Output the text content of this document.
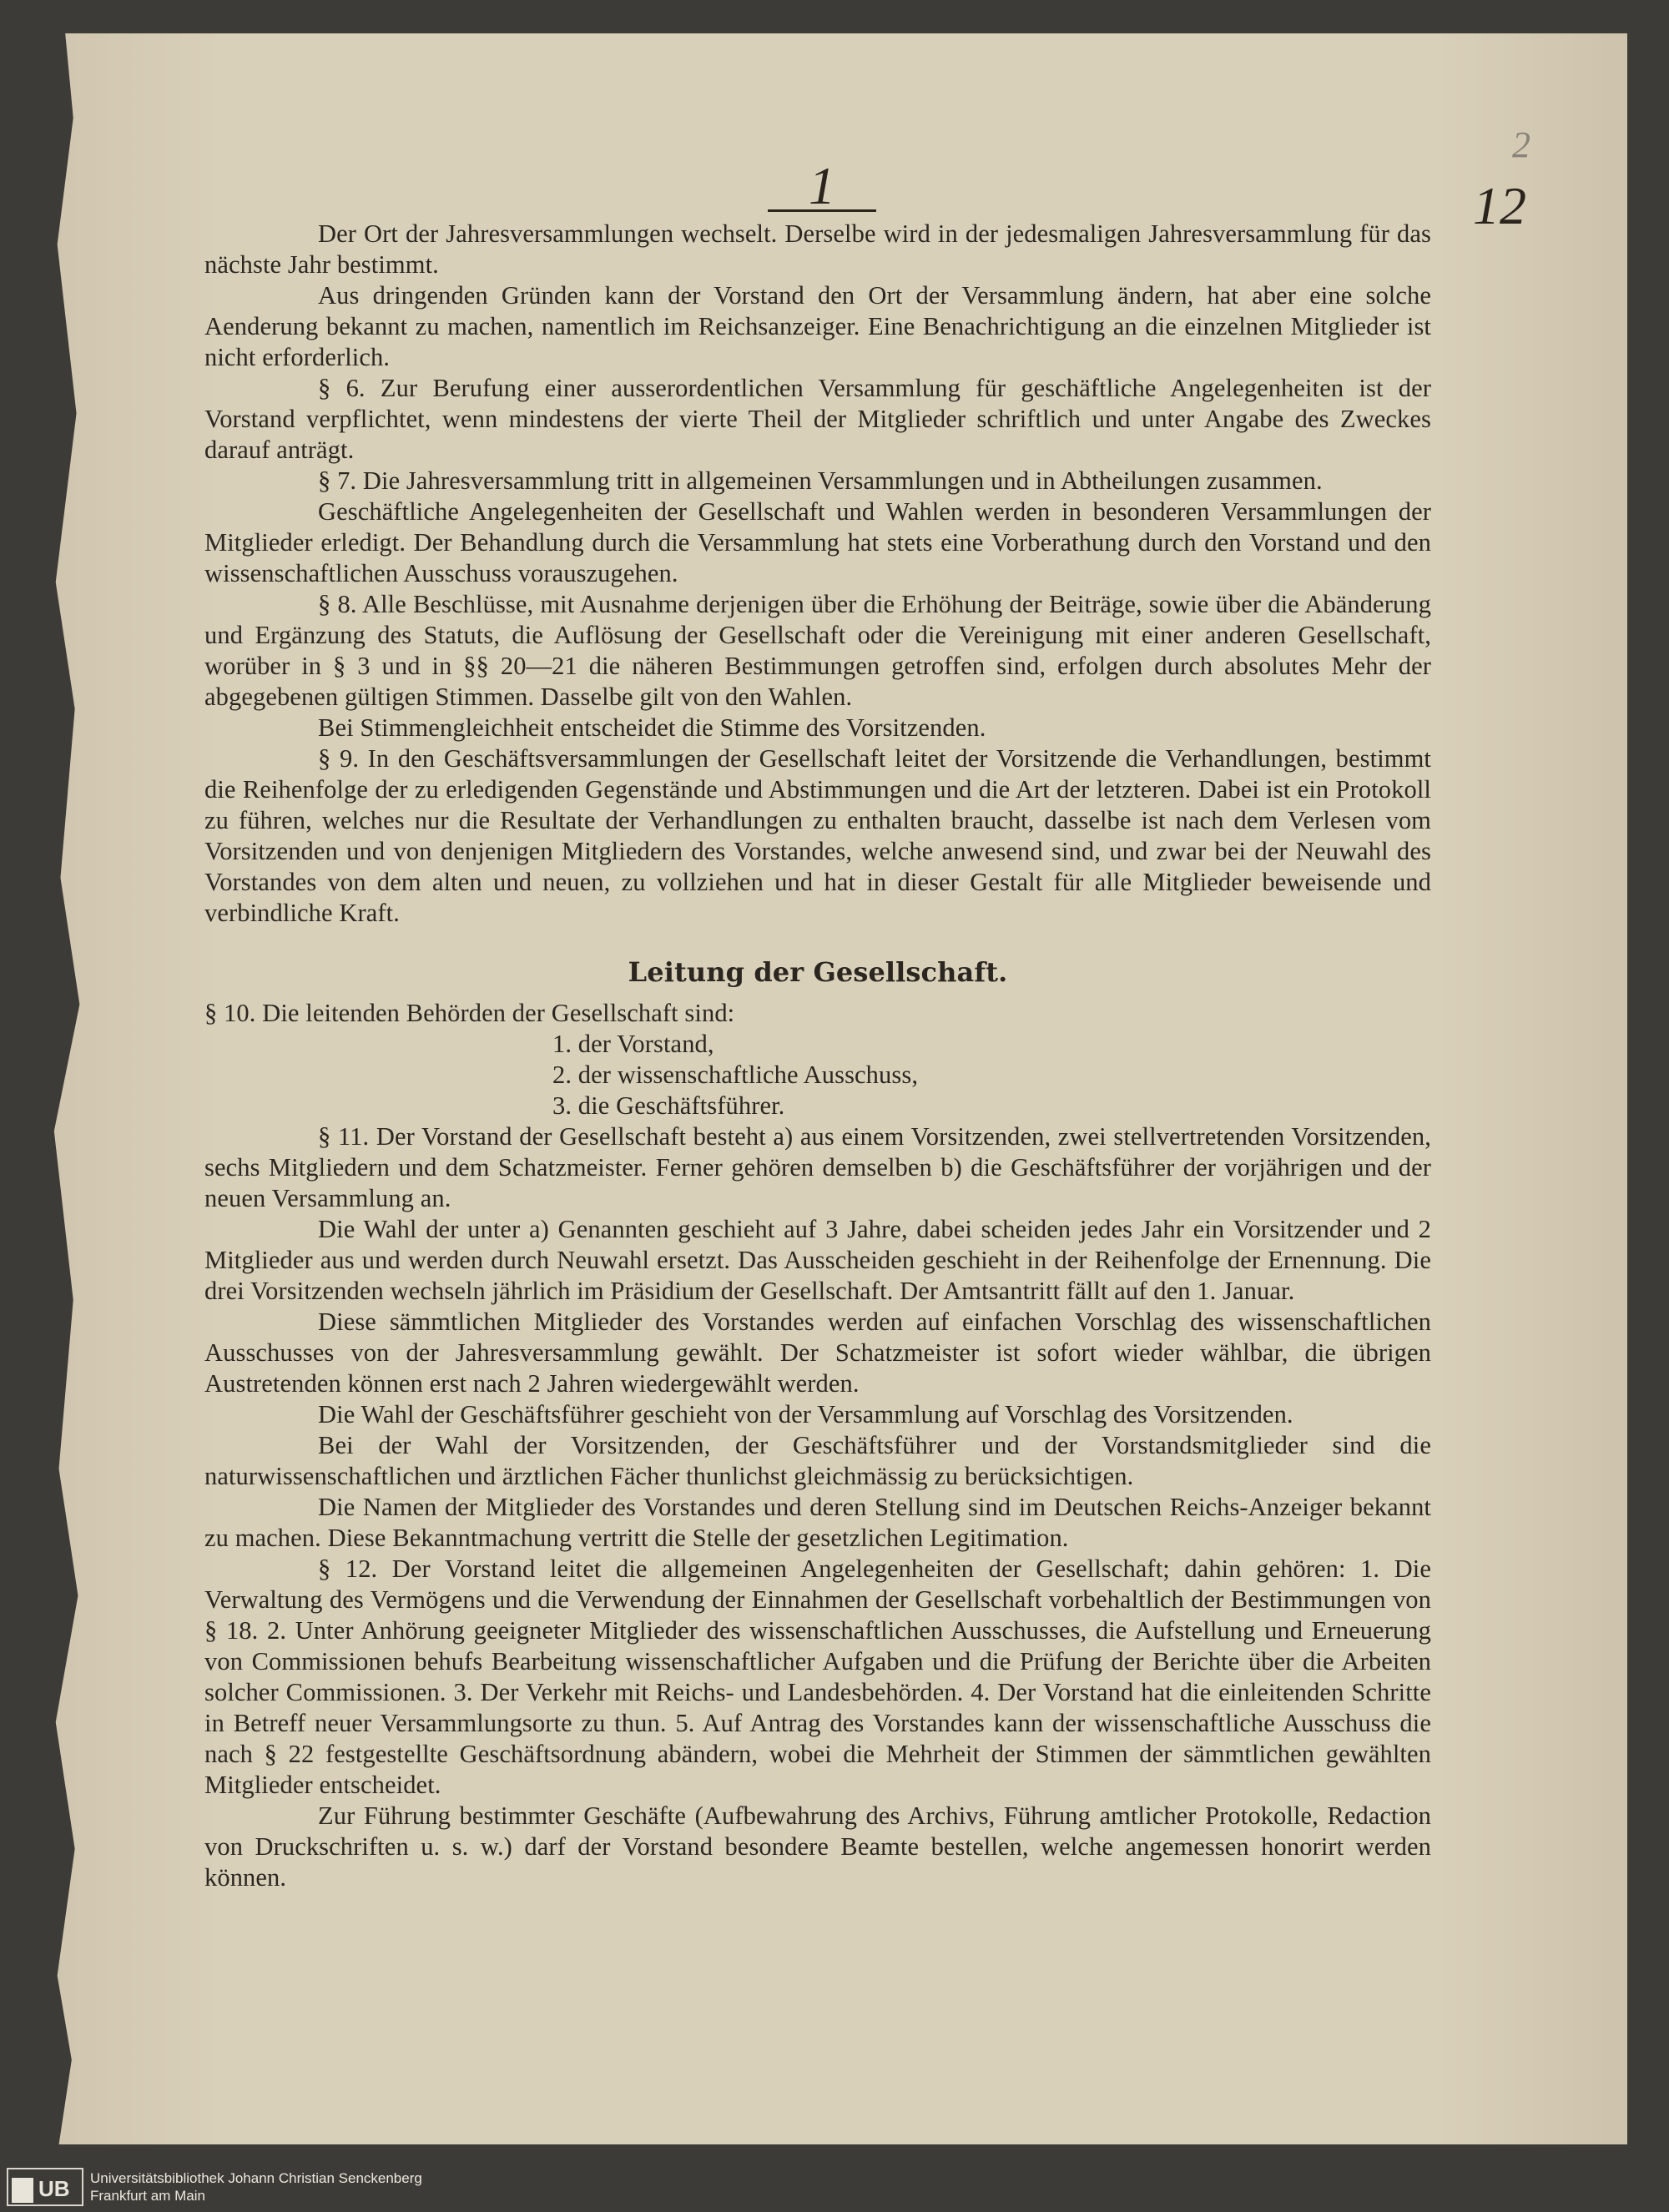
1
2
12

Der Ort der Jahresversammlungen wechselt. Derselbe wird in der jedesmaligen Jahresversammlung für das nächste Jahr bestimmt.

Aus dringenden Gründen kann der Vorstand den Ort der Versammlung ändern, hat aber eine solche Aenderung bekannt zu machen, namentlich im Reichsanzeiger. Eine Benachrichtigung an die einzelnen Mitglieder ist nicht erforderlich.

§ 6. Zur Berufung einer ausserordentlichen Versammlung für geschäftliche Angelegenheiten ist der Vorstand verpflichtet, wenn mindestens der vierte Theil der Mitglieder schriftlich und unter Angabe des Zweckes darauf anträgt.

§ 7. Die Jahresversammlung tritt in allgemeinen Versammlungen und in Abtheilungen zusammen.

Geschäftliche Angelegenheiten der Gesellschaft und Wahlen werden in besonderen Versammlungen der Mitglieder erledigt. Der Behandlung durch die Versammlung hat stets eine Vorberathung durch den Vorstand und den wissenschaftlichen Ausschuss vorauszugehen.

§ 8. Alle Beschlüsse, mit Ausnahme derjenigen über die Erhöhung der Beiträge, sowie über die Abänderung und Ergänzung des Statuts, die Auflösung der Gesellschaft oder die Vereinigung mit einer anderen Gesellschaft, worüber in § 3 und in §§ 20—21 die näheren Bestimmungen getroffen sind, erfolgen durch absolutes Mehr der abgegebenen gültigen Stimmen. Dasselbe gilt von den Wahlen.

Bei Stimmengleichheit entscheidet die Stimme des Vorsitzenden.

§ 9. In den Geschäftsversammlungen der Gesellschaft leitet der Vorsitzende die Verhandlungen, bestimmt die Reihenfolge der zu erledigenden Gegenstände und Abstimmungen und die Art der letzteren. Dabei ist ein Protokoll zu führen, welches nur die Resultate der Verhandlungen zu enthalten braucht, dasselbe ist nach dem Verlesen vom Vorsitzenden und von denjenigen Mitgliedern des Vorstandes, welche anwesend sind, und zwar bei der Neuwahl des Vorstandes von dem alten und neuen, zu vollziehen und hat in dieser Gestalt für alle Mitglieder beweisende und verbindliche Kraft.

Leitung der Gesellschaft.

§ 10. Die leitenden Behörden der Gesellschaft sind:

1. der Vorstand,
2. der wissenschaftliche Ausschuss,
3. die Geschäftsführer.

§ 11. Der Vorstand der Gesellschaft besteht a) aus einem Vorsitzenden, zwei stellvertretenden Vorsitzenden, sechs Mitgliedern und dem Schatzmeister. Ferner gehören demselben b) die Geschäftsführer der vorjährigen und der neuen Versammlung an.

Die Wahl der unter a) Genannten geschieht auf 3 Jahre, dabei scheiden jedes Jahr ein Vorsitzender und 2 Mitglieder aus und werden durch Neuwahl ersetzt. Das Ausscheiden geschieht in der Reihenfolge der Ernennung. Die drei Vorsitzenden wechseln jährlich im Präsidium der Gesellschaft. Der Amtsantritt fällt auf den 1. Januar.

Diese sämmtlichen Mitglieder des Vorstandes werden auf einfachen Vorschlag des wissenschaftlichen Ausschusses von der Jahresversammlung gewählt. Der Schatzmeister ist sofort wieder wählbar, die übrigen Austretenden können erst nach 2 Jahren wiedergewählt werden.

Die Wahl der Geschäftsführer geschieht von der Versammlung auf Vorschlag des Vorsitzenden.

Bei der Wahl der Vorsitzenden, der Geschäftsführer und der Vorstandsmitglieder sind die naturwissenschaftlichen und ärztlichen Fächer thunlichst gleichmässig zu berücksichtigen.

Die Namen der Mitglieder des Vorstandes und deren Stellung sind im Deutschen Reichs-Anzeiger bekannt zu machen. Diese Bekanntmachung vertritt die Stelle der gesetzlichen Legitimation.

§ 12. Der Vorstand leitet die allgemeinen Angelegenheiten der Gesellschaft; dahin gehören: 1. Die Verwaltung des Vermögens und die Verwendung der Einnahmen der Gesellschaft vorbehaltlich der Bestimmungen von § 18. 2. Unter Anhörung geeigneter Mitglieder des wissenschaftlichen Ausschusses, die Aufstellung und Erneuerung von Commissionen behufs Bearbeitung wissenschaftlicher Aufgaben und die Prüfung der Berichte über die Arbeiten solcher Commissionen. 3. Der Verkehr mit Reichs- und Landesbehörden. 4. Der Vorstand hat die einleitenden Schritte in Betreff neuer Versammlungsorte zu thun. 5. Auf Antrag des Vorstandes kann der wissenschaftliche Ausschuss die nach § 22 festgestellte Geschäftsordnung abändern, wobei die Mehrheit der Stimmen der sämmtlichen gewählten Mitglieder entscheidet.

Zur Führung bestimmter Geschäfte (Aufbewahrung des Archivs, Führung amtlicher Protokolle, Redaction von Druckschriften u. s. w.) darf der Vorstand besondere Beamte bestellen, welche angemessen honorirt werden können.

UB	Universitätsbibliothek Johann Christian Senckenberg
Frankfurt am Main
